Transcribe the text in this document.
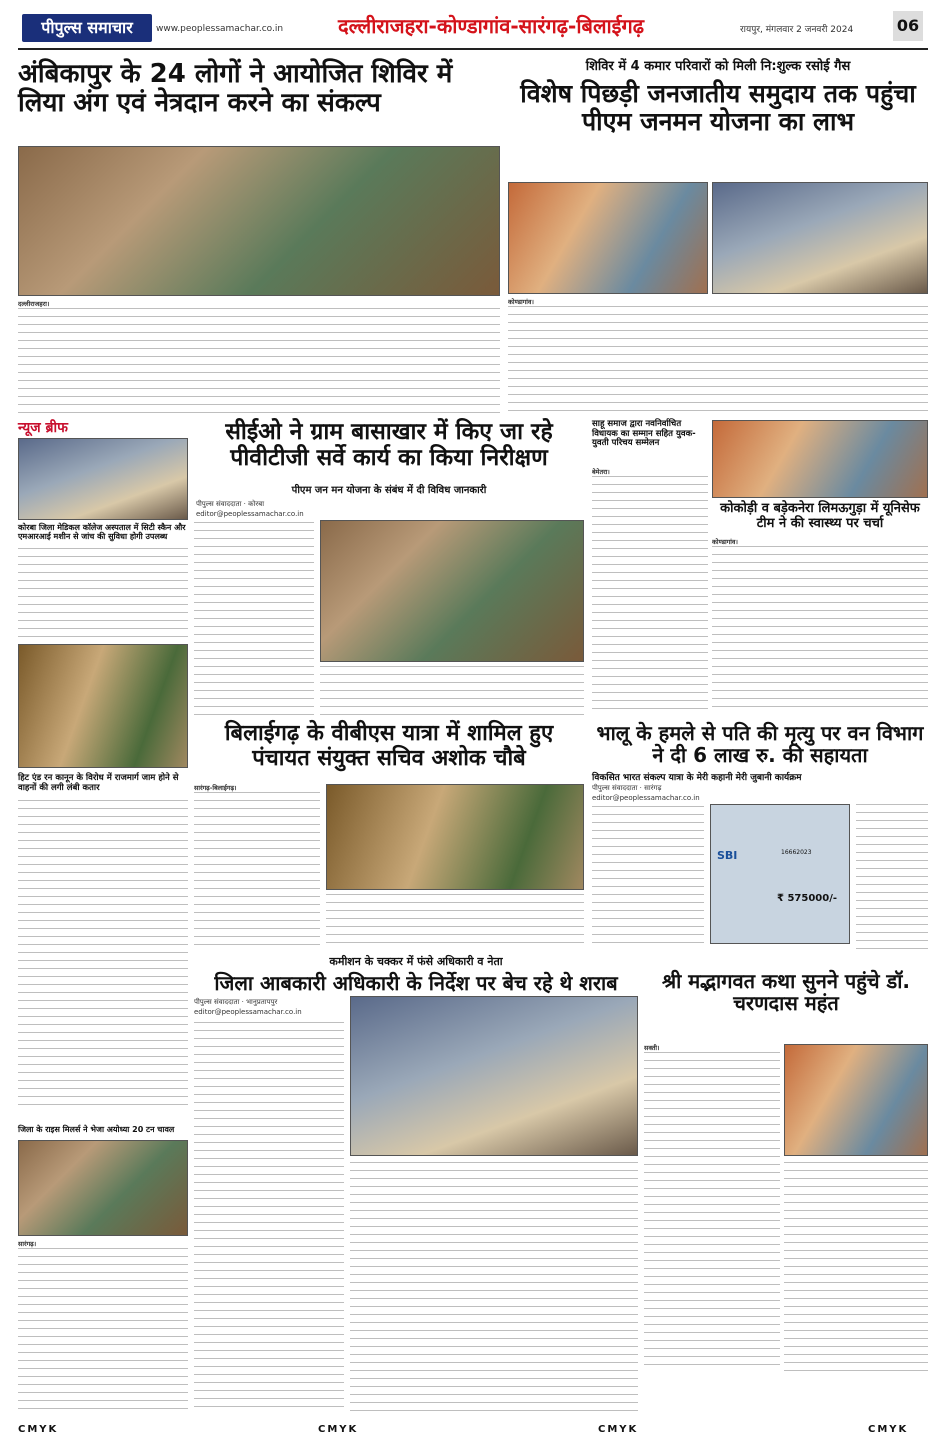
पीपुल्स समाचार	www.peoplessamachar.co.in	दल्लीराजहरा-कोण्डागांव-सारंगढ़-बिलाईगढ़	रायपुर, मंगलवार 2 जनवरी 2024	06
अंबिकापुर के 24 लोगों ने आयोजित शिविर में लिया अंग एवं नेत्रदान करने का संकल्प
दल्लीराजहरा।
शिविर में 4 कमार परिवारों को मिली नि:शुल्क रसोई गैस
विशेष पिछड़ी जनजातीय समुदाय तक पहुंचा पीएम जनमन योजना का लाभ
कोण्डागांव।
न्यूज ब्रीफ
कोरबा जिला मेडिकल कॉलेज अस्पताल में सिटी स्कैन और एमआरआई मशीन से जांच की सुविधा होगी उपलब्ध
हिट एंड रन कानून के विरोध में राजमार्ग जाम होने से वाहनों की लगी लंबी कतार
सीईओ ने ग्राम बासाखार में किए जा रहे पीवीटीजी सर्वे कार्य का किया निरीक्षण
पीएम जन मन योजना के संबंध में दी विविध जानकारी
पीपुल्स संवाददाता · कोरबा
editor@peoplessamachar.co.in
साहू समाज द्वारा नवनिर्वाचित विधायक का सम्मान सहित युवक-युवती परिचय सम्मेलन
बेमेतरा।
कोकोड़ी व बड़ेकनेरा लिमऊगुड़ा में यूनिसेफ टीम ने की स्वास्थ्य पर चर्चा
कोण्डागांव।
बिलाईगढ़ के वीबीएस यात्रा में शामिल हुए पंचायत संयुक्त सचिव अशोक चौबे
सारंगढ़-बिलाईगढ़।
भालू के हमले से पति की मृत्यु पर वन विभाग ने दी 6 लाख रु. की सहायता
विकसित भारत संकल्प यात्रा के मेरी कहानी मेरी जुबानी कार्यक्रम
पीपुल्स संवाददाता · सारंगढ़
editor@peoplessamachar.co.in
SBI	16662023
₹ 575000/-
जिला के राइस मिलर्स ने भेजा अयोध्या 20 टन चावल
सारंगढ़।
कमीशन के चक्कर में फंसे अधिकारी व नेता
जिला आबकारी अधिकारी के निर्देश पर बेच रहे थे शराब
पीपुल्स संवाददाता · भानुप्रतापपुर
editor@peoplessamachar.co.in
श्री मद्भागवत कथा सुनने पहुंचे डॉ. चरणदास महंत
सक्ती।
CMYK	CMYK	CMYK	CMYK
